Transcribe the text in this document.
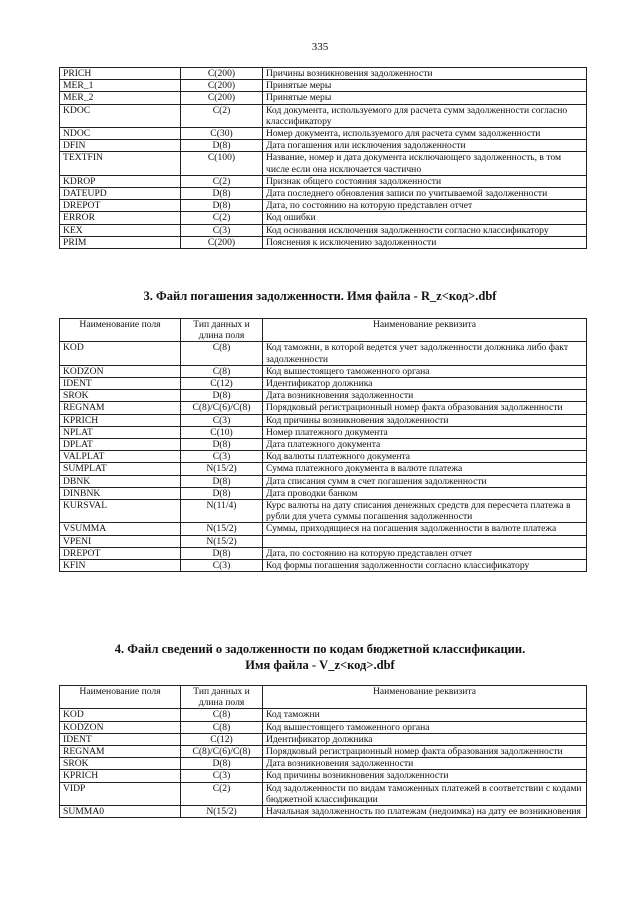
335
PRICH	C(200)	Причины возникновения задолженности
MER_1	C(200)	Принятые меры
MER_2	C(200)	Принятые меры
KDOC	C(2)	Код документа, используемого для расчета сумм задолженности согласно классификатору
NDOC	C(30)	Номер документа, используемого для расчета сумм задолженности
DFIN	D(8)	Дата погашения или исключения задолженности
TEXTFIN	C(100)	Название, номер и дата документа исключающего задолженность, в том числе если она исключается частично
KDROP	C(2)	Признак общего состояния задолженности
DATEUPD	D(8)	Дата последнего обновления записи по учитываемой задолженности
DREPOT	D(8)	Дата, по состоянию на которую представлен отчет
ERROR	C(2)	Код ошибки
KEX	C(3)	Код основания исключения задолженности согласно классификатору
PRIM	C(200)	Пояснения к исключению задолженности
3. Файл погашения задолженности. Имя файла - R_z<код>.dbf
Наименование поля	Тип данных и длина поля	Наименование реквизита
KOD	C(8)	Код таможни, в которой ведется учет задолженности должника либо факт задолженности
KODZON	C(8)	Код вышестоящего таможенного органа
IDENT	C(12)	Идентификатор должника
SROK	D(8)	Дата возникновения задолженности
REGNAM	C(8)/C(6)/C(8)	Порядковый регистрационный номер факта образования задолженности
KPRICH	C(3)	Код причины возникновения задолженности
NPLAT	C(10)	Номер платежного документа
DPLAT	D(8)	Дата платежного документа
VALPLAT	C(3)	Код валюты платежного документа
SUMPLAT	N(15/2)	Сумма платежного документа в валюте платежа
DBNK	D(8)	Дата списания сумм в счет погашения задолженности
DINBNK	D(8)	Дата проводки банком
KURSVAL	N(11/4)	Курс валюты на дату списания денежных средств для пересчета платежа в рубли для учета суммы погашения задолженности
VSUMMA	N(15/2)	Суммы, приходящиеся на погашения задолженности в валюте платежа
VPENI	N(15/2)	
DREPOT	D(8)	Дата, по состоянию на которую представлен отчет
KFIN	C(3)	Код формы погашения задолженности согласно классификатору
4. Файл сведений о задолженности по кодам бюджетной классификации.
Имя файла - V_z<код>.dbf
Наименование поля	Тип данных и длина поля	Наименование реквизита
KOD	C(8)	Код таможни
KODZON	C(8)	Код вышестоящего таможенного органа
IDENT	C(12)	Идентификатор должника
REGNAM	C(8)/C(6)/C(8)	Порядковый регистрационный номер факта образования задолженности
SROK	D(8)	Дата возникновения задолженности
KPRICH	C(3)	Код причины возникновения задолженности
VIDP	C(2)	Код задолженности по видам таможенных платежей в соответствии с кодами бюджетной классификации
SUMMA0	N(15/2)	Начальная задолженность по платежам (недоимка) на дату ее возникновения
